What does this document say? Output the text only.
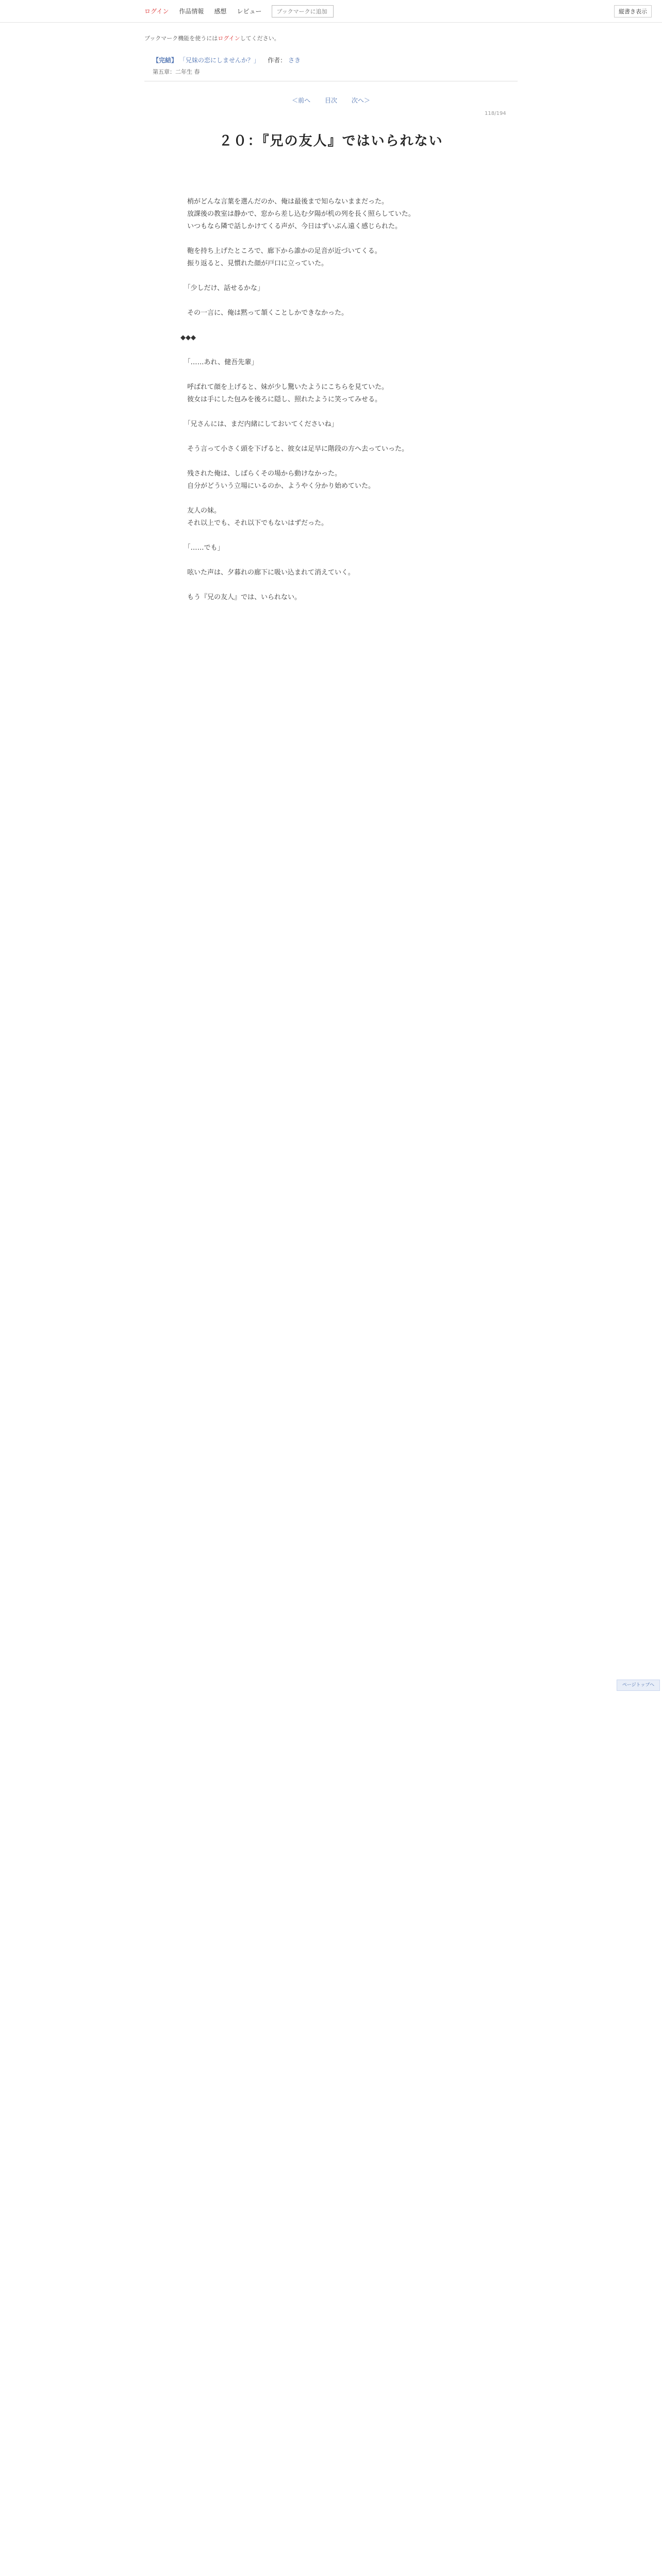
ログイン 作品情報 感想 レビュー	ブックマークに追加	縦書き表示
ブックマーク機能を使うにはログインしてください。
【完結】 「兄妹の恋にしませんか？」 作者： さき
第五章：二年生 春
＜前へ 目次 次へ＞
118/194
２０：『兄の友人』ではいられない

　梢がどんな言葉を選んだのか、俺は最後まで知らないままだった。

　放課後の教室は静かで、窓から差し込む夕陽が机の列を長く照らしていた。

　いつもなら隣で話しかけてくる声が、今日はずいぶん遠く感じられた。

　鞄を持ち上げたところで、廊下から誰かの足音が近づいてくる。

　振り返ると、見慣れた顔が戸口に立っていた。

　「少しだけ、話せるかな」

　その一言に、俺は黙って頷くことしかできなかった。

◆◆◆

　「……あれ、健吾先輩」

　呼ばれて顔を上げると、妹が少し驚いたようにこちらを見ていた。

　彼女は手にした包みを後ろに隠し、照れたように笑ってみせる。

　「兄さんには、まだ内緒にしておいてくださいね」

　そう言って小さく頭を下げると、彼女は足早に階段の方へ去っていった。

　残された俺は、しばらくその場から動けなかった。

　自分がどういう立場にいるのか、ようやく分かり始めていた。

　友人の妹。

　それ以上でも、それ以下でもないはずだった。

　「……でも」

　呟いた声は、夕暮れの廊下に吸い込まれて消えていく。

　もう『兄の友人』では、いられない。

ページトップへ
